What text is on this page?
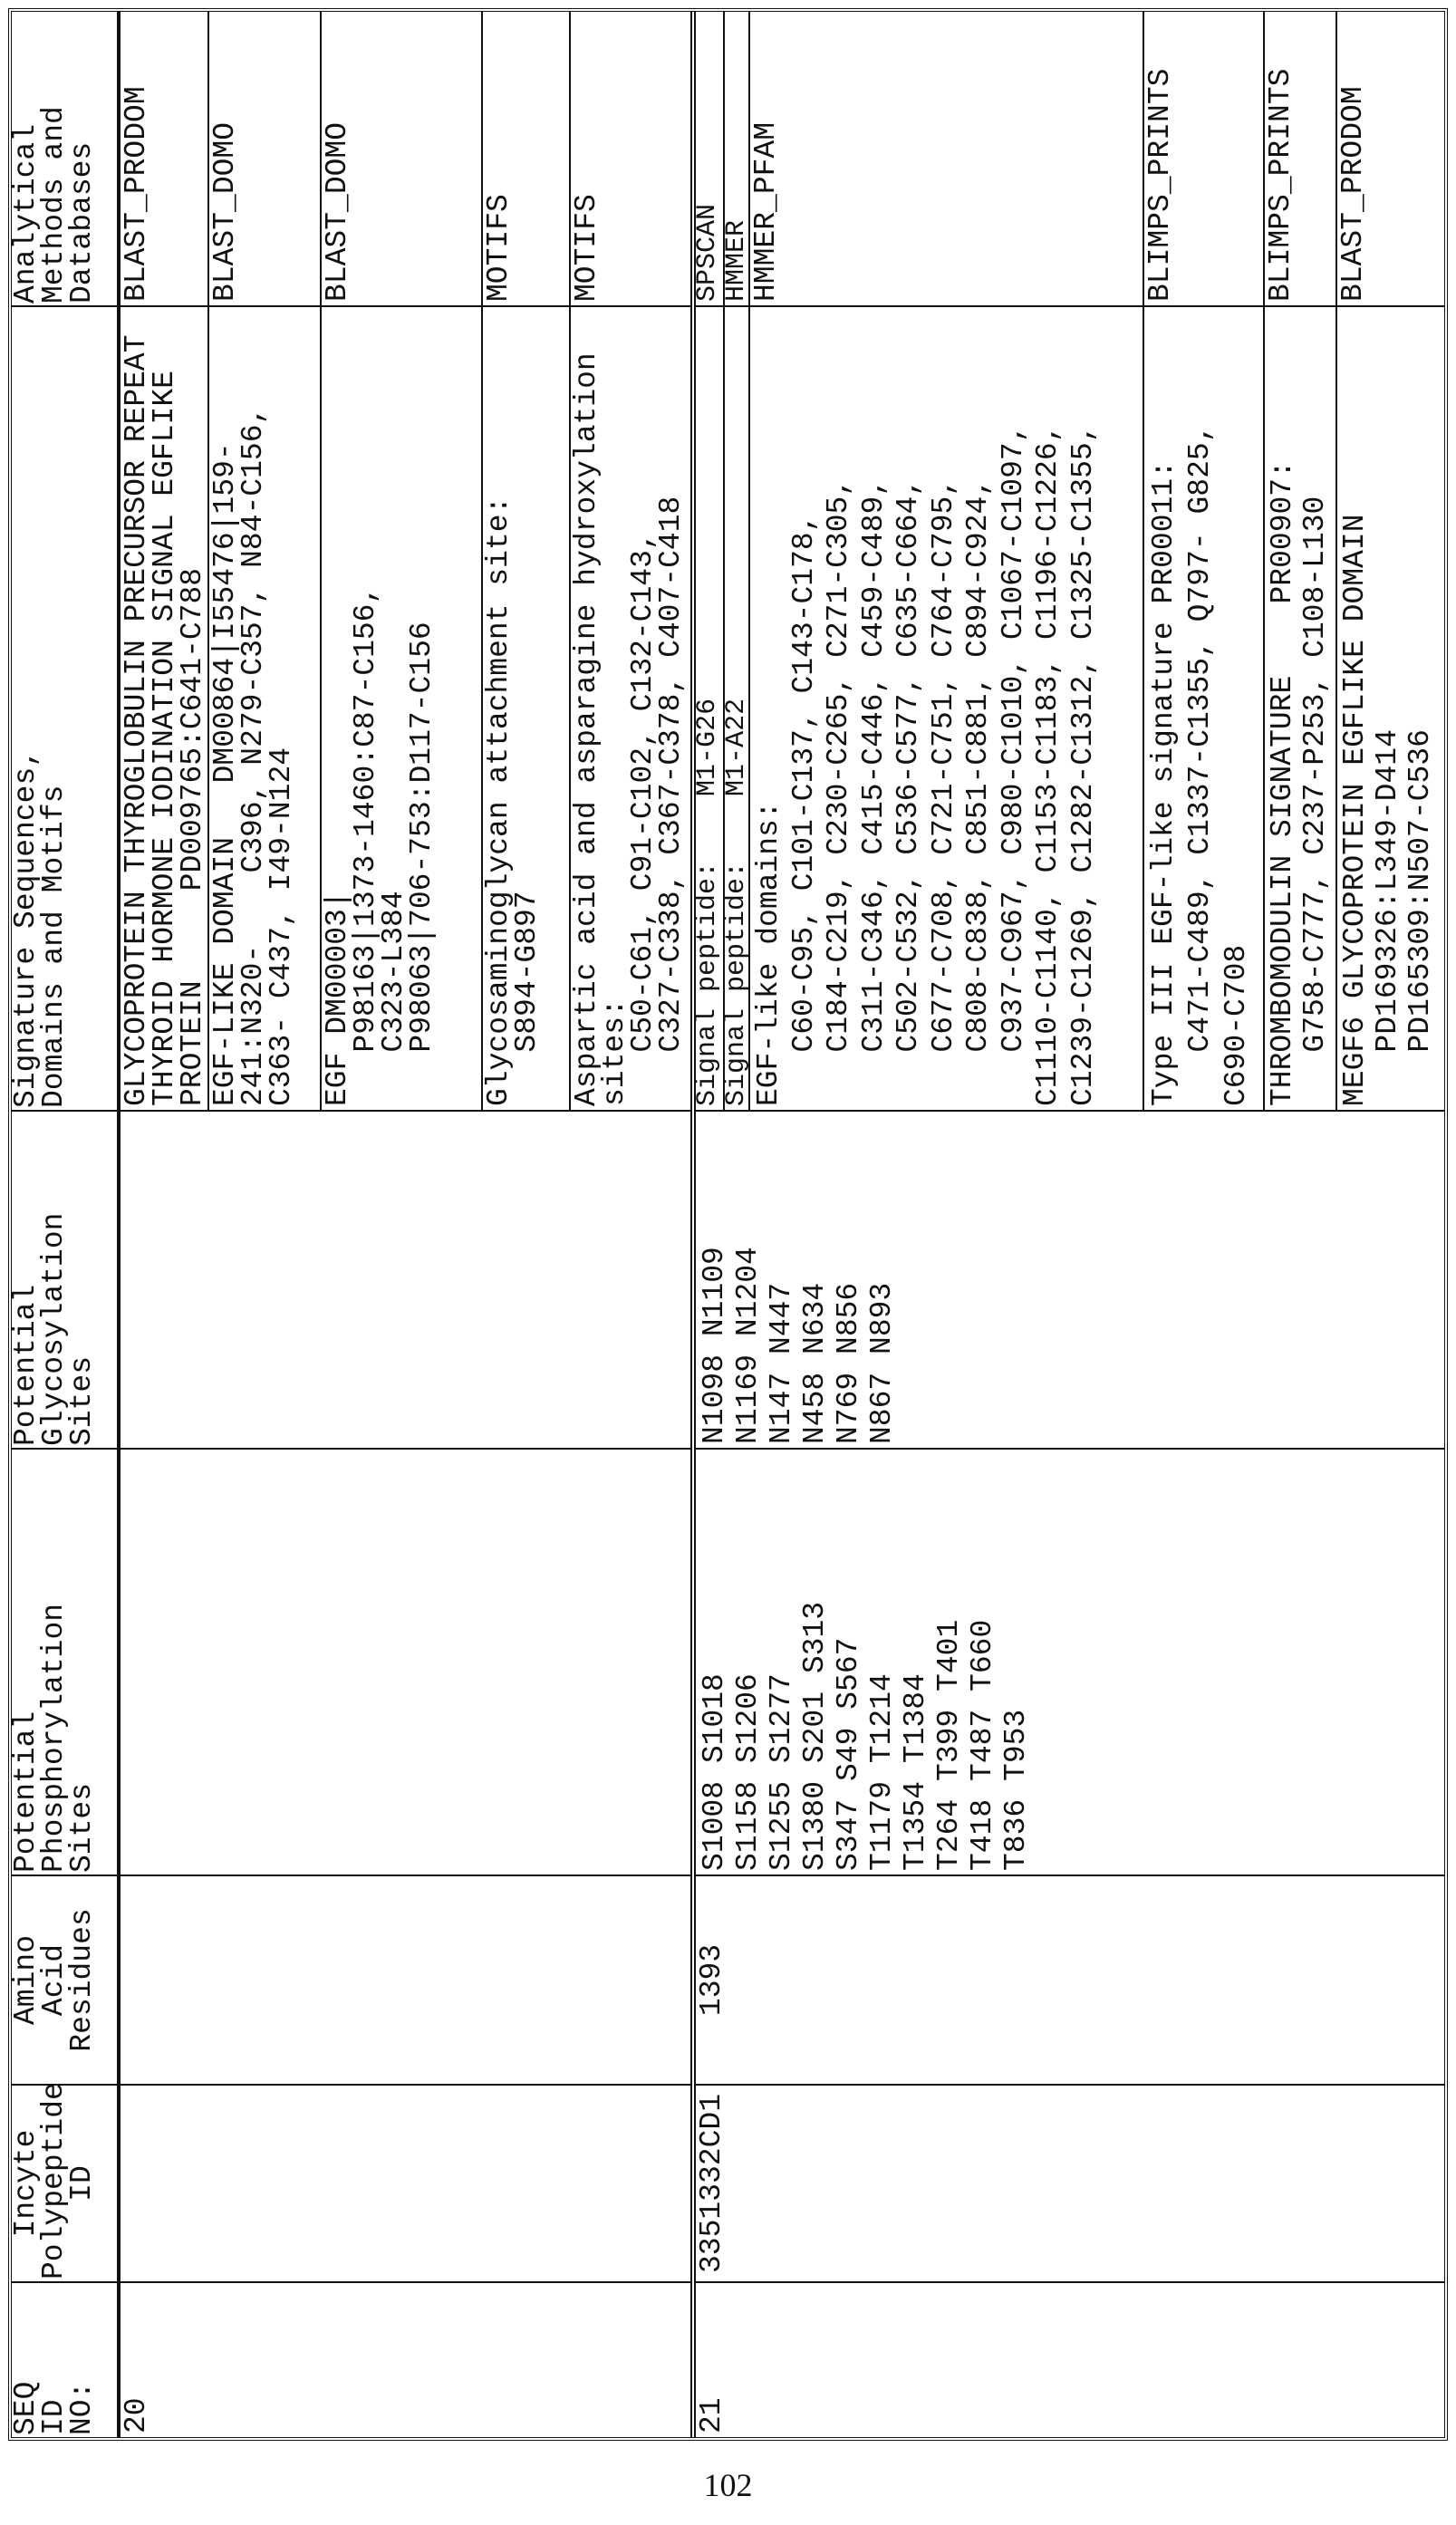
SEQ
ID
NO:
Incyte
Polypeptide
ID
Amino
Acid
Residues
Potential
Phosphorylation
Sites
Potential
Glycosylation
Sites
Signature Sequences,
Domains and Motifs
Analytical
Methods and
Databases
20
GLYCOPROTEIN THYROGLOBULIN PRECURSOR REPEAT
THYROID HORMONE IODINATION SIGNAL EGFLIKE
PROTEIN     PD009765:C641-C788
BLAST_PRODOM
EGF-LIKE DOMAIN   DM00864|I55476|159-
241:N320-    C396, N279-C357, N84-C156,
C363- C437, I49-N124
BLAST_DOMO
EGF DM00003|
P98163|1373-1460:C87-C156,
C323-L384
P98063|706-753:D117-C156
BLAST_DOMO
Glycosaminoglycan attachment site:
S894-G897
MOTIFS
Aspartic acid and asparagine hydroxylation
sites:
C50-C61, C91-C102, C132-C143,
C327-C338, C367-C378, C407-C418
MOTIFS
21
3351332CD1
1393
S1008 S1018
S1158 S1206
S1255 S1277
S1380 S201 S313
S347 S49 S567
T1179 T1214
T1354 T1384
T264 T399 T401
T418 T487 T660
T836 T953
N1098 N1109
N1169 N1204
N147 N447
N458 N634
N769 N856
N867 N893
Signal peptide:    M1-G26
SPSCAN
Signal peptide:    M1-A22
HMMER
EGF-like domains:
C60-C95, C101-C137, C143-C178,
C184-C219, C230-C265, C271-C305,
C311-C346, C415-C446, C459-C489,
C502-C532, C536-C577, C635-C664,
C677-C708, C721-C751, C764-C795,
C808-C838, C851-C881, C894-C924,
C937-C967, C980-C1010, C1067-C1097,
C1110-C1140, C1153-C1183, C1196-C1226,
C1239-C1269, C1282-C1312, C1325-C1355,
HMMER_PFAM
Type III EGF-like signature PR00011:
C471-C489, C1337-C1355, Q797- G825,
C690-C708
BLIMPS_PRINTS
THROMBOMODULIN SIGNATURE    PR00907:
G758-C777, C237-P253, C108-L130
BLIMPS_PRINTS
MEGF6 GLYCOPROTEIN EGFLIKE DOMAIN
PD169326:L349-D414
PD165309:N507-C536
BLAST_PRODOM
102
